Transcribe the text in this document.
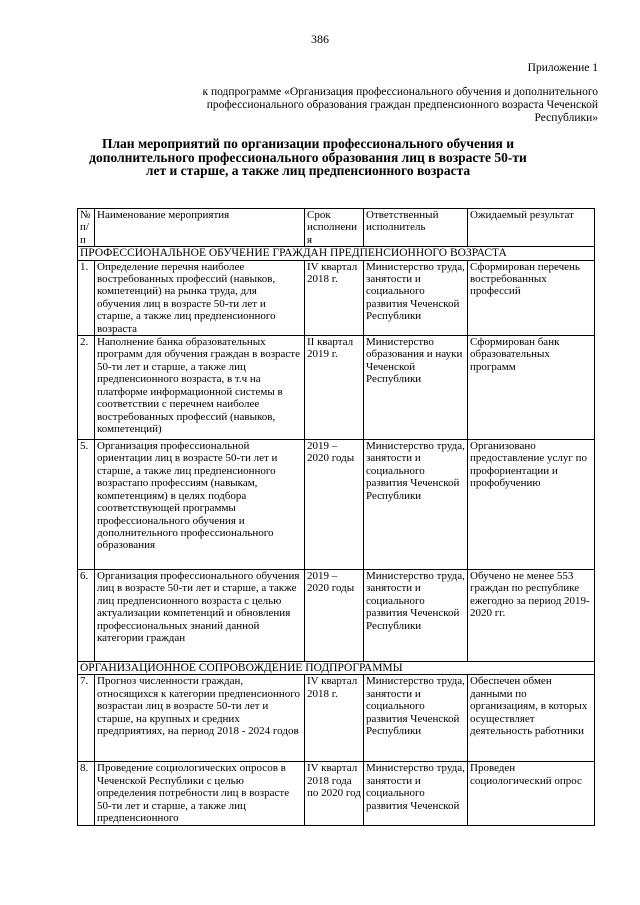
386
Приложение 1
к подпрограмме «Организация профессионального обучения и дополнительного профессионального образования граждан предпенсионного возраста Чеченской Республики»
План мероприятий по организации профессионального обучения и дополнительного профессионального образования лиц в возрасте 50-ти лет и старше, а также лиц предпенсионного возраста
№ п/п	Наименование мероприятия	Срок исполнения	Ответственный исполнитель	Ожидаемый результат
ПРОФЕССИОНАЛЬНОЕ ОБУЧЕНИЕ ГРАЖДАН ПРЕДПЕНСИОННОГО ВОЗРАСТА				
1.	Определение перечня наиболее востребованных профессий (навыков, компетенций) на рынка труда, для обучения лиц в возрасте 50-ти лет и старше, а также лиц предпенсионного возраста	IV квартал 2018 г.	Министерство труда, занятости и социального развития Чеченской Республики	Сформирован перечень востребованных профессий
2.	Наполнение банка образовательных программ для обучения граждан в возрасте 50-ти лет и старше, а также лиц предпенсионного возраста, в т.ч на платформе информационной системы в соответствии с перечнем наиболее востребованных профессий (навыков, компетенций)	II квартал 2019 г.	Министерство образования и науки Чеченской Республики	Сформирован банк образовательных программ
5.	Организация профессиональной ориентации лиц в возрасте 50-ти лет и старше, а также лиц предпенсионного возрастапо профессиям (навыкам, компетенциям) в целях подбора соответствующей программы профессионального обучения и дополнительного профессионального образования	2019 – 2020 годы	Министерство труда, занятости и социального развития Чеченской Республики	Организовано предоставление услуг по профориентации и профобучению
6.	Организация профессионального обучения лиц в возрасте 50-ти лет и старше, а также лиц предпенсионного возраста с целью актуализации компетенций и обновления профессиональных знаний данной категории граждан	2019 – 2020 годы	Министерство труда, занятости и социального развития Чеченской Республики	Обучено не менее 553 граждан по республике ежегодно за период 2019-2020 гг.
ОРГАНИЗАЦИОННОЕ СОПРОВОЖДЕНИЕ ПОДПРОГРАММЫ				
7.	Прогноз численности граждан, относящихся к категории предпенсионного возрастаи лиц в возрасте 50-ти лет и старше, на крупных и средних предприятиях, на период 2018 - 2024 годов	IV квартал 2018 г.	Министерство труда, занятости и социального развития Чеченской Республики	Обеспечен обмен данными по организациям, в которых осуществляет деятельность работники
8.	Проведение социологических опросов в Чеченской Республики с целью определения потребности лиц в возрасте 50-ти лет и старше, а также лиц предпенсионного	IV квартал 2018 года по 2020 год	Министерство труда, занятости и социального развития Чеченской	Проведен социологический опрос
